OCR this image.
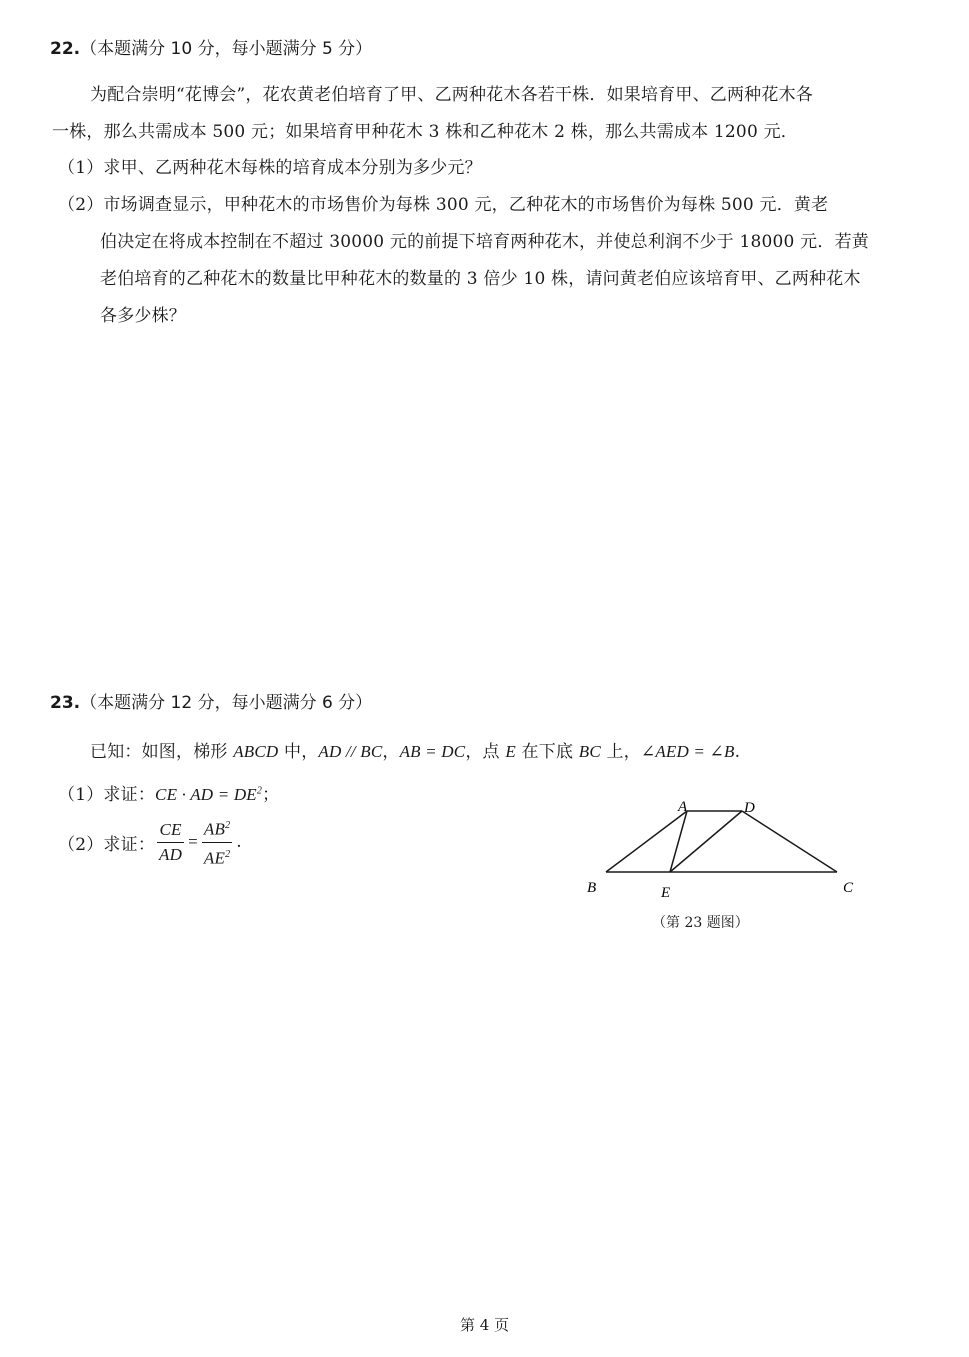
22.（本题满分 10 分，每小题满分 5 分）
为配合崇明“花博会”，花农黄老伯培育了甲、乙两种花木各若干株．如果培育甲、乙两种花木各
一株，那么共需成本 500 元；如果培育甲种花木 3 株和乙种花木 2 株，那么共需成本 1200 元．
（1）求甲、乙两种花木每株的培育成本分别为多少元？
（2）市场调查显示，甲种花木的市场售价为每株 300 元，乙种花木的市场售价为每株 500 元．黄老
伯决定在将成本控制在不超过 30000 元的前提下培育两种花木，并使总利润不少于 18000 元．若黄
老伯培育的乙种花木的数量比甲种花木的数量的 3 倍少 10 株，请问黄老伯应该培育甲、乙两种花木
各多少株？
23.（本题满分 12 分，每小题满分 6 分）
已知：如图，梯形 ABCD 中，AD // BC，AB = DC，点 E 在下底 BC 上，∠AED = ∠B.
（1）求证：CE · AD = $DE^2$；
（2）求证： $\frac{CE}{AD} = \frac{AB^2}{AE^2}$ .
A	D
B	E	C
（第 23 题图）
第 4 页
